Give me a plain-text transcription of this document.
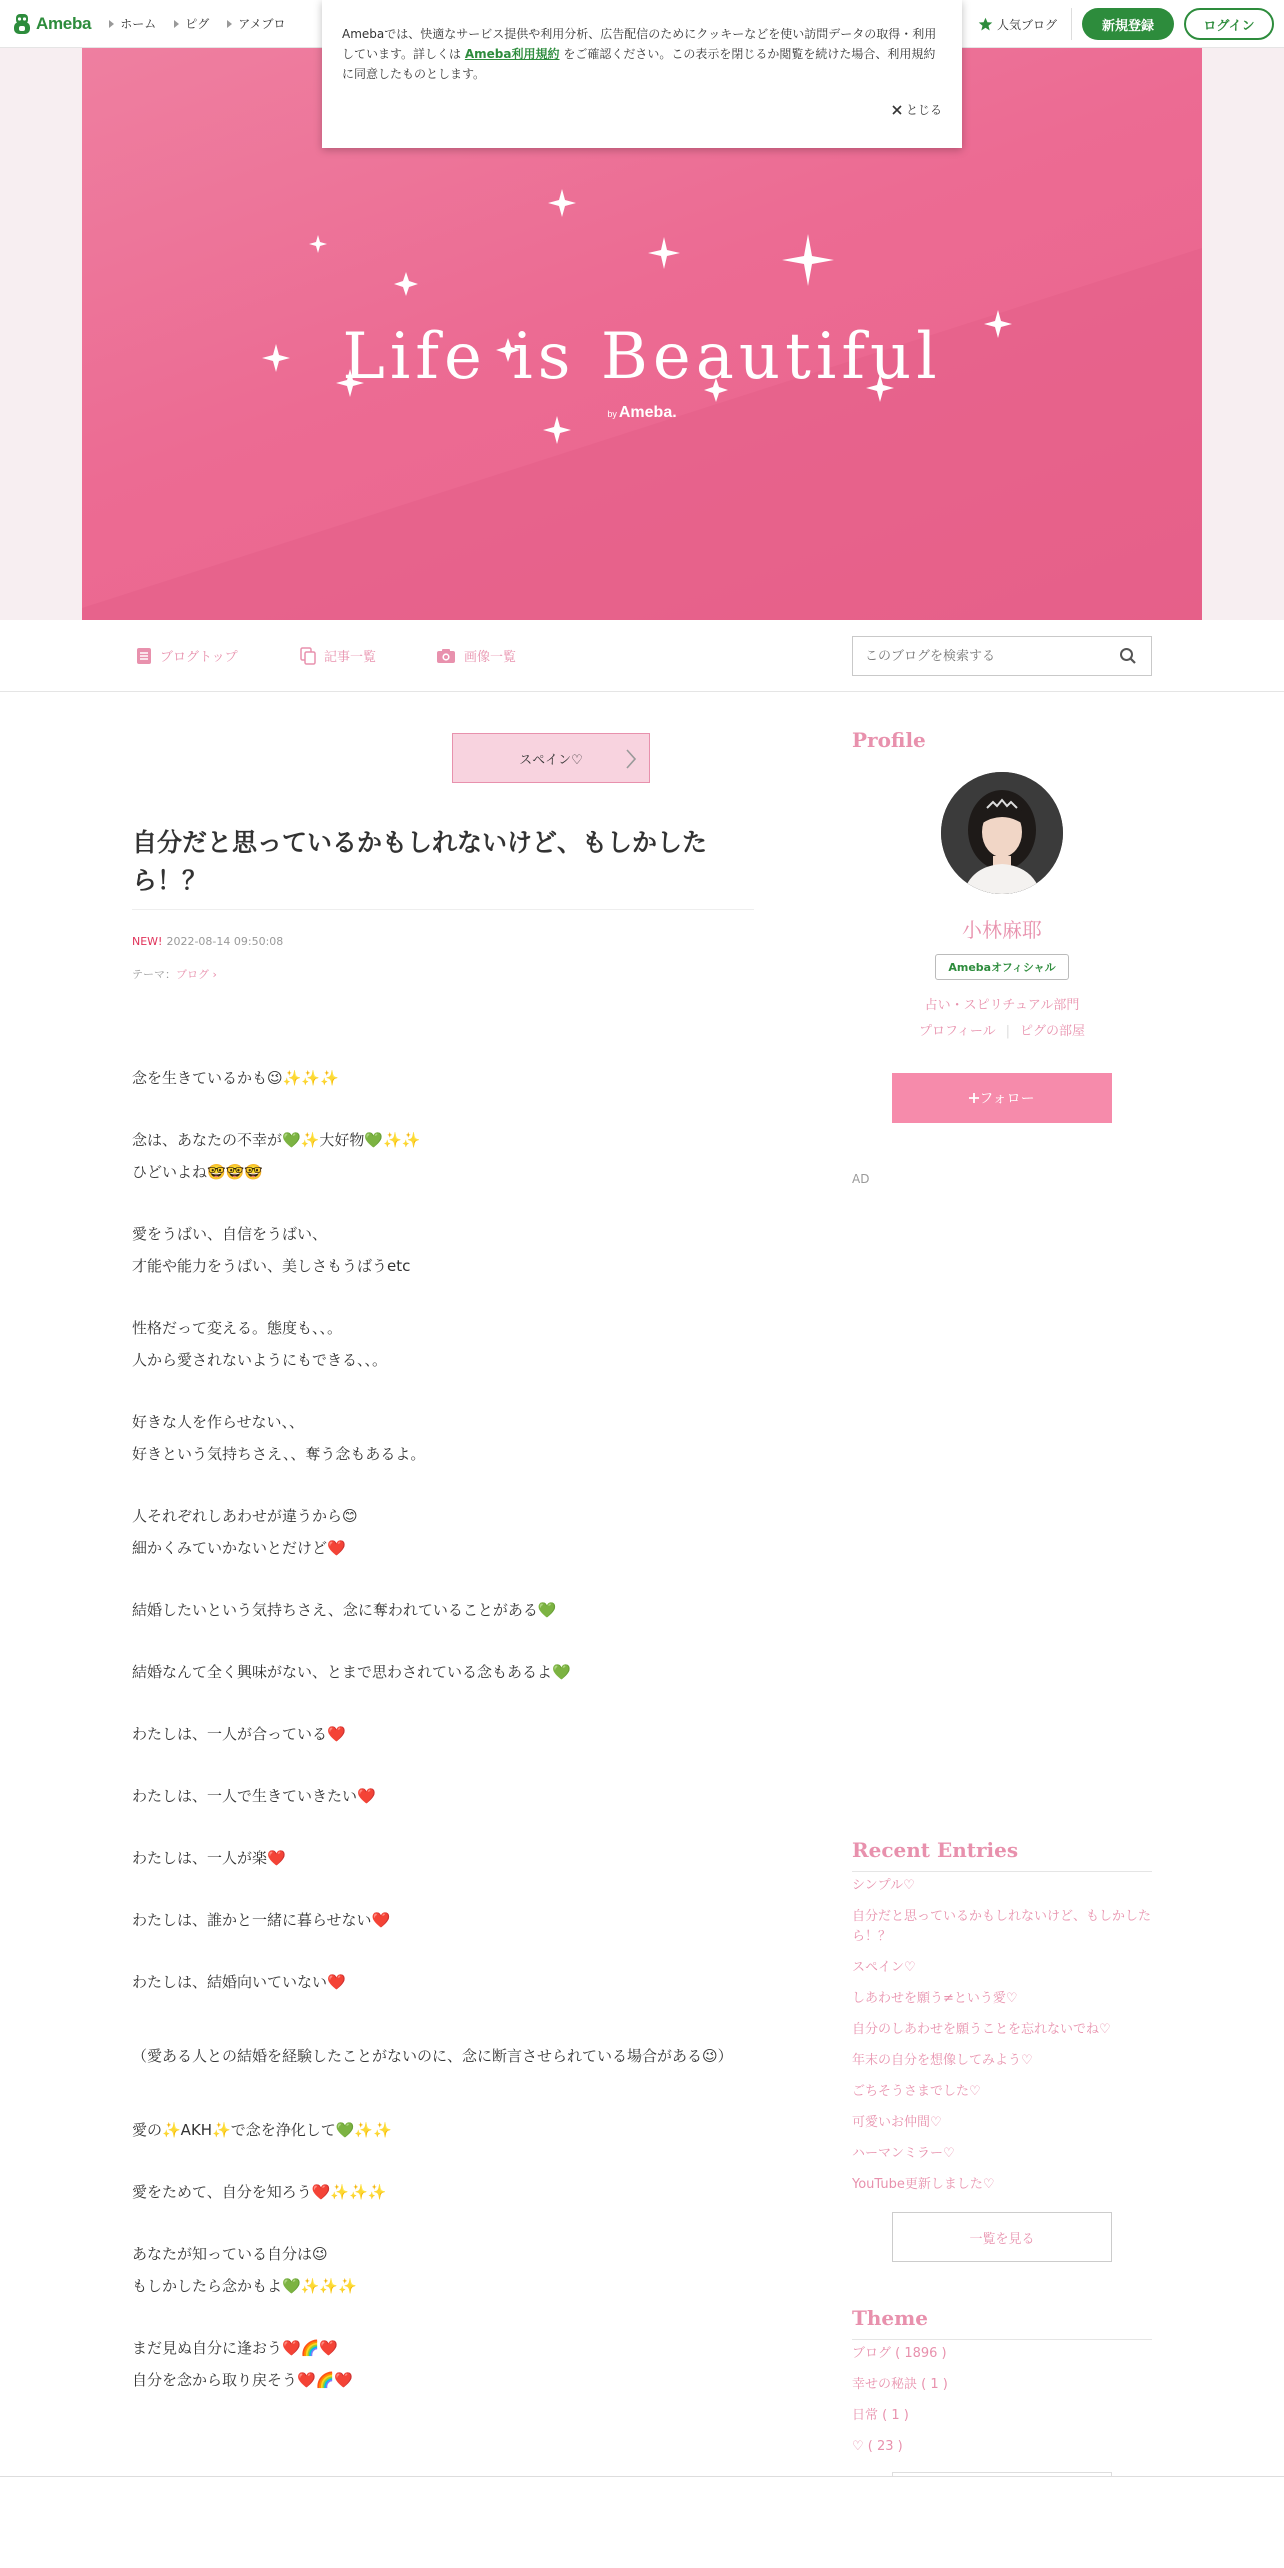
Ameba ホーム ピグ アメブロ	人気ブログ	新規登録	ログイン
Life is Beautiful
by Ameba.
Amebaでは、快適なサービス提供や利用分析、広告配信のためにクッキーなどを使い訪問データの取得・利用しています。詳しくは Ameba利用規約 をご確認ください。この表示を閉じるか閲覧を続けた場合、利用規約に同意したものとします。
とじる
ブログトップ	記事一覧	画像一覧
このブログを検索する
スペイン♡
自分だと思っているかもしれないけど、もしかしたら！？
NEW! 2022-08-14 09:50:08
テーマ：ブログ ›

念を生きているかも😉✨✨✨

念は、あなたの不幸が💚✨大好物💚✨✨
ひどいよね🤓🤓🤓

愛をうばい、自信をうばい、
才能や能力をうばい、美しさもうばうetc

性格だって変える。態度も、、。
人から愛されないようにもできる、、。

好きな人を作らせない、、
好きという気持ちさえ、、奪う念もあるよ。

人それぞれしあわせが違うから😊
細かくみていかないとだけど❤️

結婚したいという気持ちさえ、念に奪われていることがある💚

結婚なんて全く興味がない、とまで思わされている念もあるよ💚

わたしは、一人が合っている❤️

わたしは、一人で生きていきたい❤️

わたしは、一人が楽❤️

わたしは、誰かと一緒に暮らせない❤️

わたしは、結婚向いていない❤️

（愛ある人との結婚を経験したことがないのに、念に断言させられている場合がある😉）

愛の✨AKH✨で念を浄化して💚✨✨

愛をためて、自分を知ろう❤️✨✨✨

あなたが知っている自分は😉
もしかしたら念かもよ💚✨✨✨

まだ見ぬ自分に逢おう❤️🌈❤️
自分を念から取り戻そう❤️🌈❤️

Profile
小林麻耶
Amebaオフィシャル
占い・スピリチュアル部門
プロフィール | ピグの部屋
フォロー
AD
Recent Entries
シンプル♡
自分だと思っているかもしれないけど、もしかしたら！？
スペイン♡
しあわせを願う≠という愛♡
自分のしあわせを願うことを忘れないでね♡
年末の自分を想像してみよう♡
ごちそうさまでした♡
可愛いお仲間♡
ハーマンミラー♡
YouTube更新しました♡
一覧を見る
Theme
ブログ ( 1896 )
幸せの秘訣 ( 1 )
日常 ( 1 )
♡ ( 23 )
